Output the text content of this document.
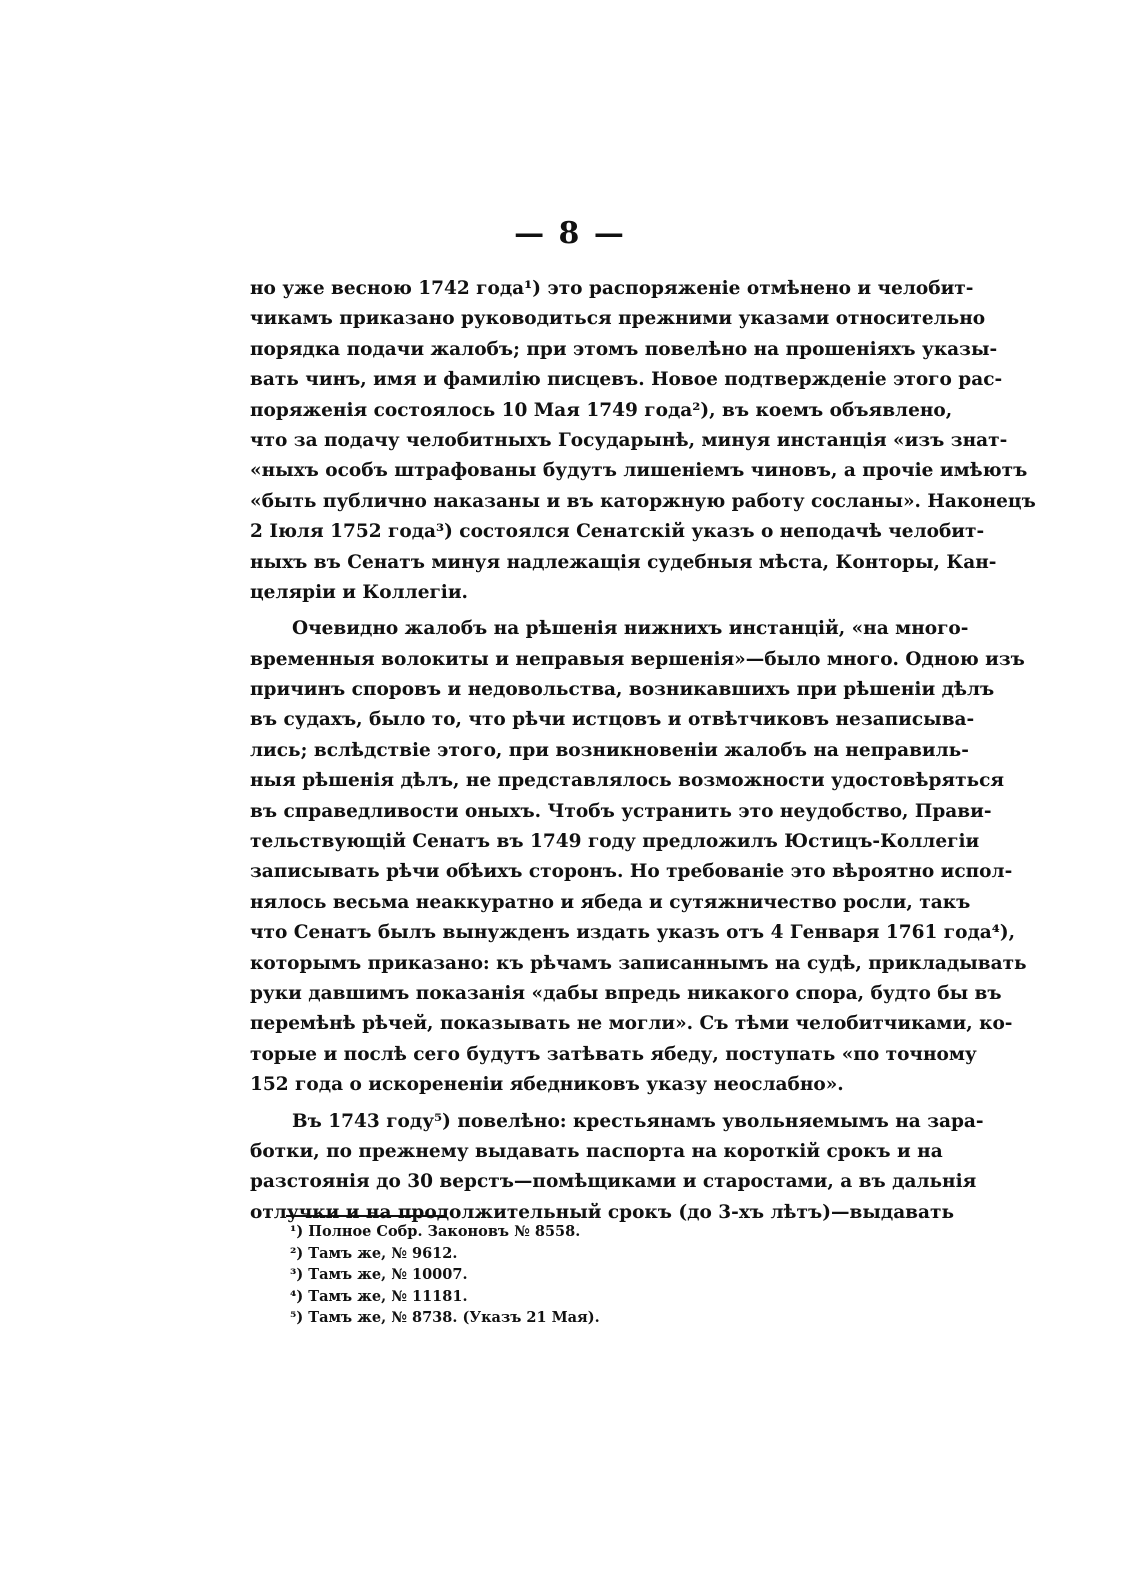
— 8 —
но уже весною 1742 года¹) это распоряженіе отмѣнено и челобит-
чикамъ приказано руководиться прежними указами относительно
порядка подачи жалобъ; при этомъ повелѣно на прошеніяхъ указы-
вать чинъ, имя и фамилію писцевъ. Новое подтвержденіе этого рас-
поряженія состоялось 10 Мая 1749 года²), въ коемъ объявлено,
что за подачу челобитныхъ Государынѣ, минуя инстанція «изъ знат-
«ныхъ особъ штрафованы будутъ лишеніемъ чиновъ, а прочіе имѣютъ
«быть публично наказаны и въ каторжную работу сосланы». Наконецъ
2 Іюля 1752 года³) состоялся Сенатскій указъ о неподачѣ челобит-
ныхъ въ Сенатъ минуя надлежащія судебныя мѣста, Конторы, Кан-
целяріи и Коллегіи.
Очевидно жалобъ на рѣшенія нижнихъ инстанцій, «на много-
временныя волокиты и неправыя вершенія»—было много. Одною изъ
причинъ споровъ и недовольства, возникавшихъ при рѣшеніи дѣлъ
въ судахъ, было то, что рѣчи истцовъ и отвѣтчиковъ незаписыва-
лись; вслѣдствіе этого, при возникновеніи жалобъ на неправиль-
ныя рѣшенія дѣлъ, не представлялось возможности удостовѣряться
въ справедливости оныхъ. Чтобъ устранить это неудобство, Прави-
тельствующій Сенатъ въ 1749 году предложилъ Юстицъ-Коллегіи
записывать рѣчи обѣихъ сторонъ. Но требованіе это вѣроятно испол-
нялось весьма неаккуратно и ябеда и сутяжничество росли, такъ
что Сенатъ былъ вынужденъ издать указъ отъ 4 Генваря 1761 года⁴),
которымъ приказано: къ рѣчамъ записаннымъ на судѣ, прикладывать
руки давшимъ показанія «дабы впредь никакого спора, будто бы въ
перемѣнѣ рѣчей, показывать не могли». Съ тѣми челобитчиками, ко-
торые и послѣ сего будутъ затѣвать ябеду, поступать «по точному
152 года о искорененіи ябедниковъ указу неослабно».
Въ 1743 году⁵) повелѣно: крестьянамъ увольняемымъ на зара-
ботки, по прежнему выдавать паспорта на короткій срокъ и на
разстоянія до 30 верстъ—помѣщиками и старостами, а въ дальнія
отлучки и на продолжительный срокъ (до 3-хъ лѣтъ)—выдавать
¹) Полное Собр. Законовъ № 8558.
²) Тамъ же, № 9612.
³) Тамъ же, № 10007.
⁴) Тамъ же, № 11181.
⁵) Тамъ же, № 8738. (Указъ 21 Мая).
